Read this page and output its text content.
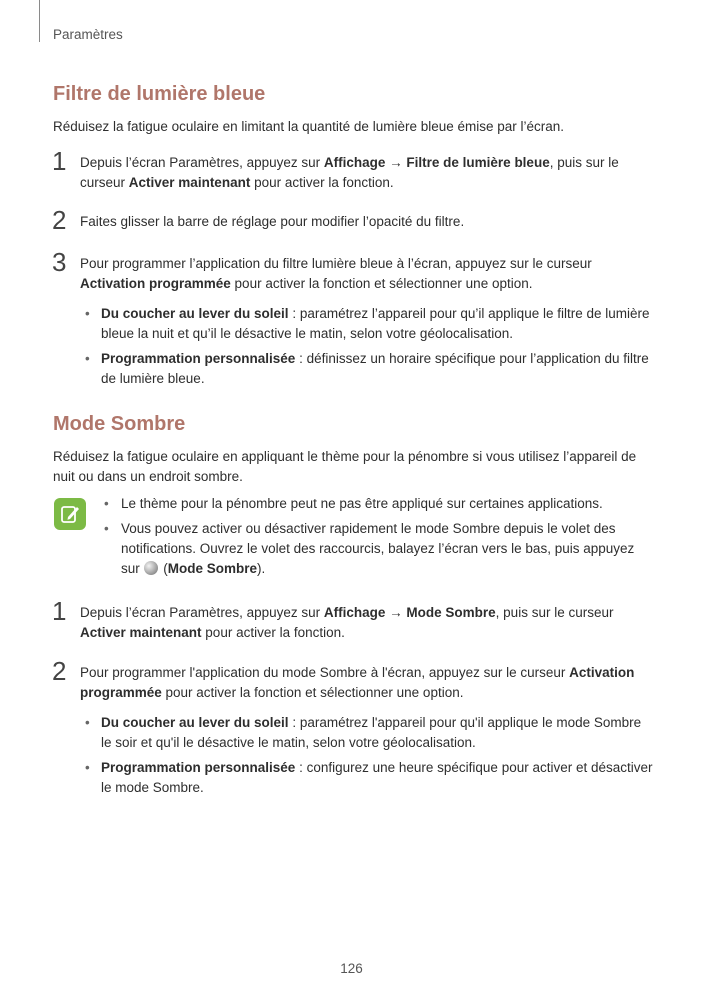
Paramètres
Filtre de lumière bleue
Réduisez la fatigue oculaire en limitant la quantité de lumière bleue émise par l’écran.
1 Depuis l’écran Paramètres, appuyez sur Affichage → Filtre de lumière bleue, puis sur le curseur Activer maintenant pour activer la fonction.
2 Faites glisser la barre de réglage pour modifier l’opacité du filtre.
3 Pour programmer l’application du filtre lumière bleue à l’écran, appuyez sur le curseur Activation programmée pour activer la fonction et sélectionner une option.
• Du coucher au lever du soleil : paramétrez l’appareil pour qu’il applique le filtre de lumière bleue la nuit et qu’il le désactive le matin, selon votre géolocalisation.
• Programmation personnalisée : définissez un horaire spécifique pour l’application du filtre de lumière bleue.
Mode Sombre
Réduisez la fatigue oculaire en appliquant le thème pour la pénombre si vous utilisez l’appareil de nuit ou dans un endroit sombre.
• Le thème pour la pénombre peut ne pas être appliqué sur certaines applications.
• Vous pouvez activer ou désactiver rapidement le mode Sombre depuis le volet des notifications. Ouvrez le volet des raccourcis, balayez l’écran vers le bas, puis appuyez sur  (Mode Sombre).
1 Depuis l’écran Paramètres, appuyez sur Affichage → Mode Sombre, puis sur le curseur Activer maintenant pour activer la fonction.
2 Pour programmer l'application du mode Sombre à l'écran, appuyez sur le curseur Activation programmée pour activer la fonction et sélectionner une option.
• Du coucher au lever du soleil : paramétrez l'appareil pour qu'il applique le mode Sombre le soir et qu'il le désactive le matin, selon votre géolocalisation.
• Programmation personnalisée : configurez une heure spécifique pour activer et désactiver le mode Sombre.
126
